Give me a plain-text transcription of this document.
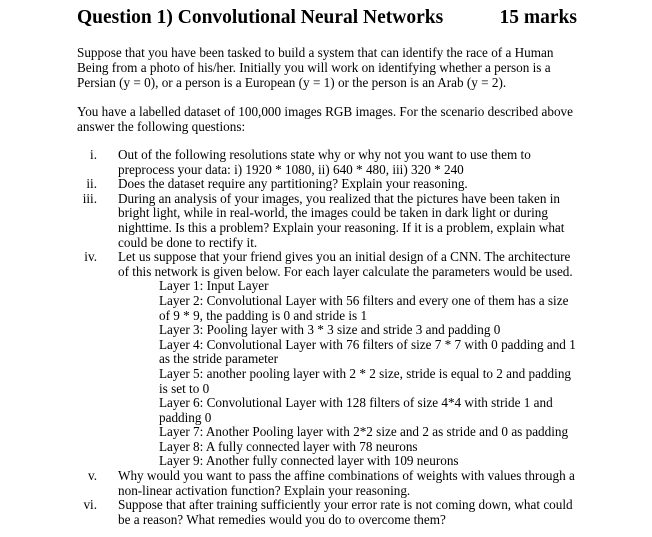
Question 1) Convolutional Neural Networks	15 marks

Suppose that you have been tasked to build a system that can identify the race of a Human Being from a photo of his/her. Initially you will work on identifying whether a person is a Persian (y = 0), or a person is a European (y = 1) or the person is an Arab (y = 2).

You have a labelled dataset of 100,000 images RGB images. For the scenario described above answer the following questions:

i. Out of the following resolutions state why or why not you want to use them to preprocess your data: i) 1920 * 1080, ii) 640 * 480, iii) 320 * 240
ii. Does the dataset require any partitioning? Explain your reasoning.
iii. During an analysis of your images, you realized that the pictures have been taken in bright light, while in real-world, the images could be taken in dark light or during nighttime. Is this a problem? Explain your reasoning. If it is a problem, explain what could be done to rectify it.
iv. Let us suppose that your friend gives you an initial design of a CNN. The architecture of this network is given below. For each layer calculate the parameters would be used.
Layer 1: Input Layer
Layer 2: Convolutional Layer with 56 filters and every one of them has a size of 9 * 9, the padding is 0 and stride is 1
Layer 3: Pooling layer with 3 * 3 size and stride 3 and padding 0
Layer 4: Convolutional Layer with 76 filters of size 7 * 7 with 0 padding and 1 as the stride parameter
Layer 5: another pooling layer with 2 * 2 size, stride is equal to 2 and padding is set to 0
Layer 6: Convolutional Layer with 128 filters of size 4*4 with stride 1 and padding 0
Layer 7: Another Pooling layer with 2*2 size and 2 as stride and 0 as padding
Layer 8: A fully connected layer with 78 neurons
Layer 9: Another fully connected layer with 109 neurons
v. Why would you want to pass the affine combinations of weights with values through a non-linear activation function? Explain your reasoning.
vi. Suppose that after training sufficiently your error rate is not coming down, what could be a reason? What remedies would you do to overcome them?
